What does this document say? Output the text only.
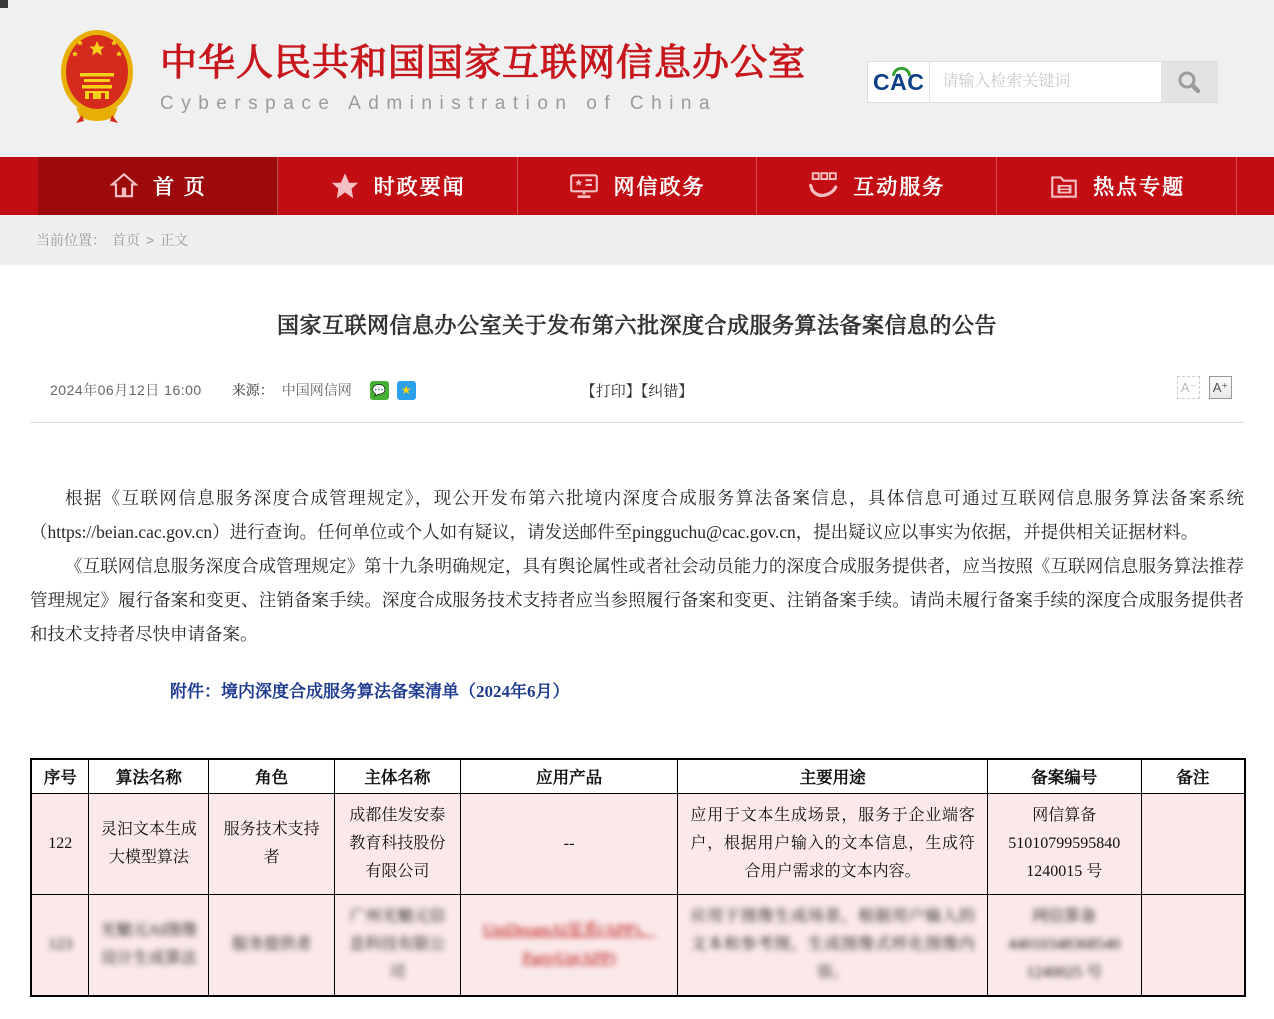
中华人民共和国国家互联网信息办公室
Cyberspace Administration of China
CAC
请输入检索关键词
首 页	时政要闻	网信政务	互动服务	热点专题
当前位置： 首页 > 正文
国家互联网信息办公室关于发布第六批深度合成服务算法备案信息的公告
2024年06月12日 16:00 来源： 中国网信网 💬	★	【打印】【纠错】	A⁻ A⁺

根据《互联网信息服务深度合成管理规定》，现公开发布第六批境内深度合成服务算法备案信息，具体信息可通过互联网信息服务算法备案系统（https://beian.cac.gov.cn）进行查询。任何单位或个人如有疑议，请发送邮件至pingguchu@cac.gov.cn，提出疑议应以事实为依据，并提供相关证据材料。

《互联网信息服务深度合成管理规定》第十九条明确规定，具有舆论属性或者社会动员能力的深度合成服务提供者，应当按照《互联网信息服务算法推荐管理规定》履行备案和变更、注销备案手续。深度合成服务技术支持者应当参照履行备案和变更、注销备案手续。请尚未履行备案手续的深度合成服务提供者和技术支持者尽快申请备案。

附件：境内深度合成服务算法备案清单（2024年6月）
序号	算法名称	角色	主体名称	应用产品	主要用途	备案编号	备注
122	灵汩文本生成大模型算法	服务技术支持者	成都佳发安泰教育科技股份有限公司	--	应用于文本生成场景，服务于企业端客户，根据用户输入的文本信息，生成符合用户需求的文本内容。	网信算备
51010799595840
1240015 号	

123	光魅元AI图像设计生成算法	服务提供者	广州光魅元信息科技有限公司	UniDreamAI星系(APP)、PartyUp(APP)	应用于图像生成场景，根据用户输入的文本和参考图，生成图像式样化图像内容。	网信算备
44010348368540
1240025 号	
